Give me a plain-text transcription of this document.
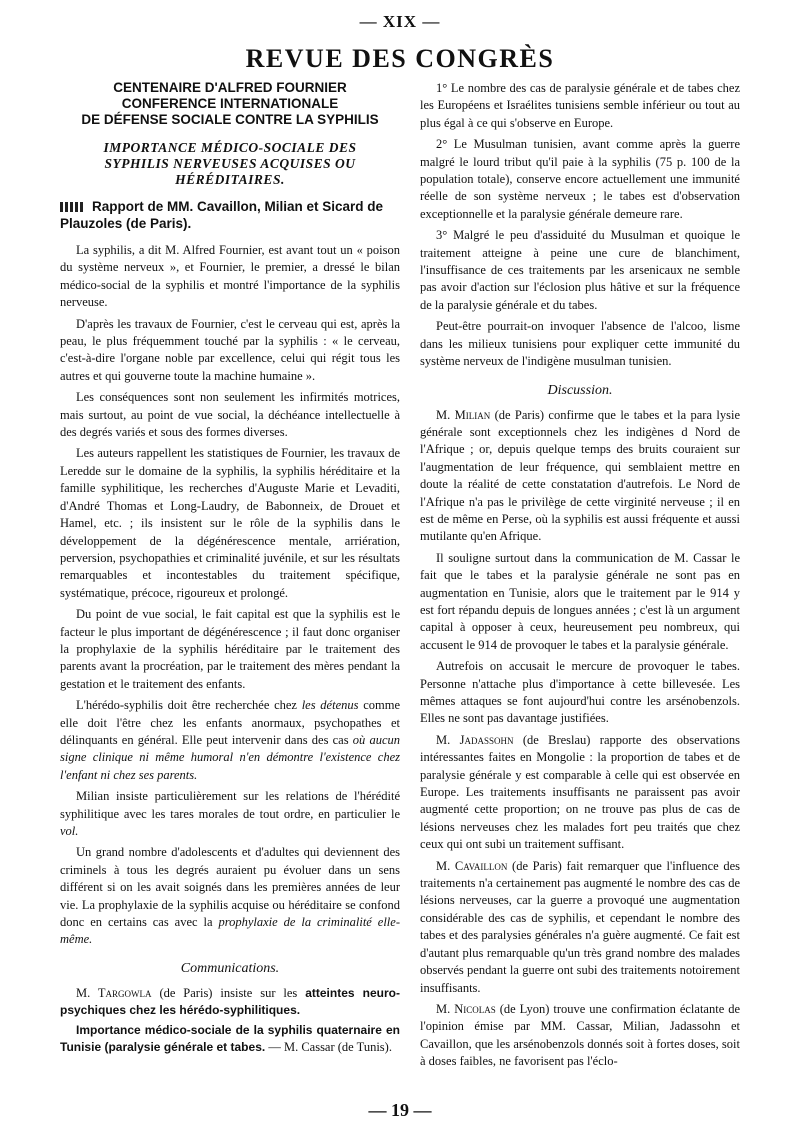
— XIX —
REVUE DES CONGRÈS

CENTENAIRE D'ALFRED FOURNIER

CONFERENCE INTERNATIONALE

DE DÉFENSE SOCIALE CONTRE LA SYPHILIS

IMPORTANCE MÉDICO-SOCIALE DES
SYPHILIS NERVEUSES ACQUISES OU
HÉRÉDITAIRES.
Rapport de MM. Cavaillon, Milian et Sicard de Plauzoles (de Paris).

La syphilis, a dit M. Alfred Fournier, est avant tout un « poison du système nerveux », et Fournier, le premier, a dressé le bilan médico-social de la syphilis et montré l'importance de la syphilis nerveuse.

D'après les travaux de Fournier, c'est le cerveau qui est, après la peau, le plus fréquemment touché par la syphilis : « le cerveau, c'est-à-dire l'organe noble par excellence, celui qui régit tous les autres et qui gouverne toute la machine humaine ».

Les conséquences sont non seulement les infirmités motrices, mais surtout, au point de vue social, la déchéance intellectuelle à des degrés variés et sous des formes diverses.

Les auteurs rappellent les statistiques de Fournier, les travaux de Leredde sur le domaine de la syphilis, la syphilis héréditaire et la famille syphilitique, les recherches d'Auguste Marie et Levaditi, d'André Thomas et Long-Laudry, de Babonneix, de Drouet et Hamel, etc. ; ils insistent sur le rôle de la syphilis dans le développement de la dégénérescence mentale, arriération, perversion, psychopathies et criminalité juvénile, et sur les résultats remarquables et incontestables du traitement spécifique, systématique, précoce, rigoureux et prolongé.

Du point de vue social, le fait capital est que la syphilis est le facteur le plus important de dégénérescence ; il faut donc organiser la prophylaxie de la syphilis héréditaire par le traitement des parents avant la procréation, par le traitement des mères pendant la gestation et le traitement des enfants.

L'hérédo-syphilis doit être recherchée chez les détenus comme elle doit l'être chez les enfants anormaux, psychopathes et délinquants en général. Elle peut intervenir dans des cas où aucun signe clinique ni même humoral n'en démontre l'existence chez l'enfant ni chez ses parents.

Milian insiste particulièrement sur les relations de l'hérédité syphilitique avec les tares morales de tout ordre, en particulier le vol.

Un grand nombre d'adolescents et d'adultes qui deviennent des criminels à tous les degrés auraient pu évoluer dans un sens différent si on les avait soignés dans les premières années de leur vie. La prophylaxie de la syphilis acquise ou héréditaire se confond donc en certains cas avec la prophylaxie de la criminalité elle-même.

Communications.

M. Targowla (de Paris) insiste sur les atteintes neuro-psychiques chez les hérédo-syphilitiques.

Importance médico-sociale de la syphilis quaternaire en Tunisie (paralysie générale et tabes. — M. Cassar (de Tunis).

1° Le nombre des cas de paralysie générale et de tabes chez les Européens et Israélites tunisiens semble inférieur ou tout au plus égal à ce qui s'observe en Europe.

2° Le Musulman tunisien, avant comme après la guerre malgré le lourd tribut qu'il paie à la syphilis (75 p. 100 de la population totale), conserve encore actuellement une immunité réelle de son système nerveux ; le tabes est d'observation exceptionnelle et la paralysie générale demeure rare.

3° Malgré le peu d'assiduité du Musulman et quoique le traitement atteigne à peine une cure de blanchiment, l'insuffisance de ces traitements par les arsenicaux ne semble pas avoir d'action sur l'éclosion plus hâtive et sur la fréquence de la paralysie générale et du tabes.

Peut-être pourrait-on invoquer l'absence de l'alcoo, lisme dans les milieux tunisiens pour expliquer cette immunité du système nerveux de l'indigène musulman tunisien.

Discussion.

M. Milian (de Paris) confirme que le tabes et la para lysie générale sont exceptionnels chez les indigènes d Nord de l'Afrique ; or, depuis quelque temps des bruits couraient sur l'augmentation de leur fréquence, qui semblaient mettre en doute la réalité de cette constatation d'autrefois. Le Nord de l'Afrique n'a pas le privilège de cette virginité nerveuse ; il en est de même en Perse, où la syphilis est aussi fréquente et aussi mutilante qu'en Afrique.

Il souligne surtout dans la communication de M. Cassar le fait que le tabes et la paralysie générale ne sont pas en augmentation en Tunisie, alors que le traitement par le 914 y est fort répandu depuis de longues années ; c'est là un argument capital à opposer à ceux, heureusement peu nombreux, qui accusent le 914 de provoquer le tabes et la paralysie générale.

Autrefois on accusait le mercure de provoquer le tabes. Personne n'attache plus d'importance à cette billevesée. Les mêmes attaques se font aujourd'hui contre les arsénobenzols. Elles ne sont pas davantage justifiées.

M. Jadassohn (de Breslau) rapporte des observations intéressantes faites en Mongolie : la proportion de tabes et de paralysie générale y est comparable à celle qui est observée en Europe. Les traitements insuffisants ne paraissent pas avoir augmenté cette proportion; on ne trouve pas plus de cas de lésions nerveuses chez les malades fort peu traités que chez ceux qui ont subi un traitement suffisant.

M. Cavaillon (de Paris) fait remarquer que l'influence des traitements n'a certainement pas augmenté le nombre des cas de lésions nerveuses, car la guerre a provoqué une augmentation considérable des cas de syphilis, et cependant le nombre des tabes et des paralysies générales n'a guère augmenté. Ce fait est d'autant plus remarquable qu'un très grand nombre des malades observés pendant la guerre ont subi des traitements notoirement insuffisants.

M. Nicolas (de Lyon) trouve une confirmation éclatante de l'opinion émise par MM. Cassar, Milian, Jadassohn et Cavaillon, que les arsénobenzols donnés soit à fortes doses, soit à doses faibles, ne favorisent pas l'éclo-

— 19 —
